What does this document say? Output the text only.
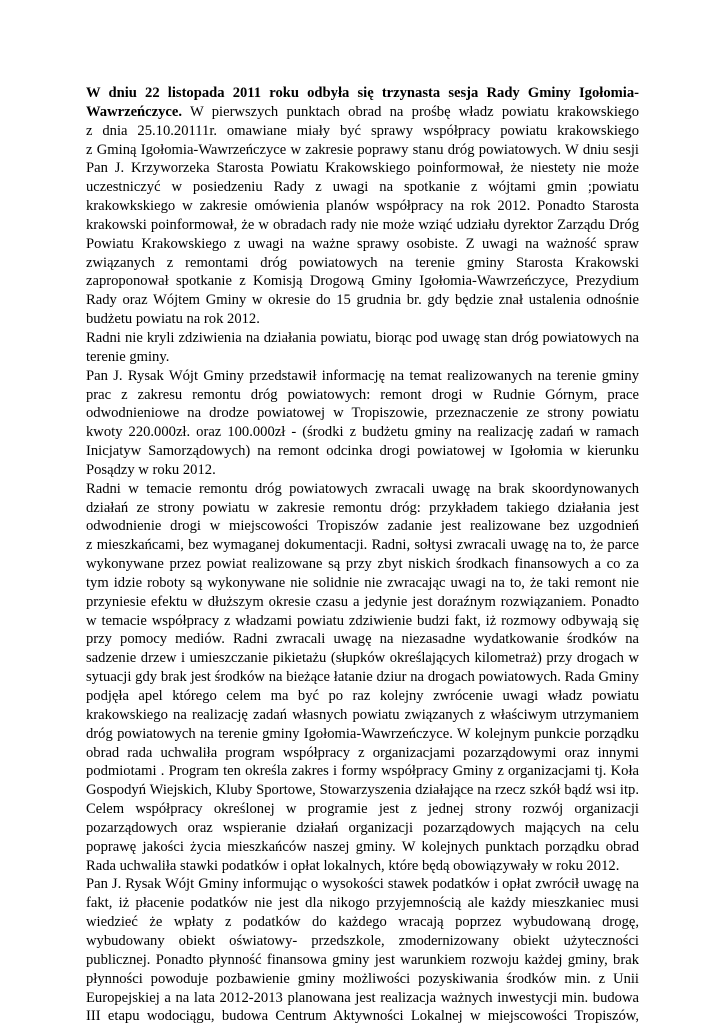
W dniu 22 listopada 2011 roku odbyła się trzynasta sesja Rady Gminy Igołomia-
Wawrzeńczyce. W pierwszych punktach obrad na prośbę władz powiatu krakowskiego
z dnia 25.10.20111r. omawiane miały być sprawy współpracy powiatu krakowskiego
z Gminą Igołomia-Wawrzeńczyce w zakresie poprawy stanu dróg powiatowych. W dniu sesji
Pan J. Krzyworzeka Starosta Powiatu Krakowskiego poinformował, że niestety nie może
uczestniczyć w posiedzeniu Rady z uwagi na spotkanie z wójtami gmin ;powiatu
krakowkskiego w zakresie omówienia planów współpracy na rok 2012. Ponadto Starosta
krakowski poinformował, że w obradach rady nie może wziąć udziału dyrektor Zarządu Dróg
Powiatu Krakowskiego z uwagi na ważne sprawy osobiste. Z uwagi na ważność spraw
związanych z remontami dróg powiatowych na terenie gminy Starosta Krakowski
zaproponował spotkanie z Komisją Drogową Gminy Igołomia-Wawrzeńczyce, Prezydium
Rady oraz Wójtem Gminy w okresie do 15 grudnia br. gdy będzie znał ustalenia odnośnie
budżetu powiatu na rok 2012.
Radni nie kryli zdziwienia na działania powiatu, biorąc pod uwagę stan dróg powiatowych na
terenie gminy.
Pan J. Rysak Wójt Gminy przedstawił informację na temat realizowanych na terenie gminy
prac z zakresu remontu dróg powiatowych: remont drogi w Rudnie Górnym, prace
odwodnieniowe na drodze powiatowej w Tropiszowie, przeznaczenie ze strony powiatu
kwoty 220.000zł. oraz 100.000zł - (środki z budżetu gminy na realizację zadań w ramach
Inicjatyw Samorządowych) na remont odcinka drogi powiatowej w Igołomia w kierunku
Posądzy w roku 2012.
Radni w temacie remontu dróg powiatowych zwracali uwagę na brak skoordynowanych
działań ze strony powiatu w zakresie remontu dróg: przykładem takiego działania jest
odwodnienie drogi w miejscowości Tropiszów zadanie jest realizowane bez uzgodnień
z mieszkańcami, bez wymaganej dokumentacji. Radni, sołtysi zwracali uwagę na to, że parce
wykonywane przez powiat realizowane są przy zbyt niskich środkach finansowych a co za
tym idzie roboty są wykonywane nie solidnie nie zwracając uwagi na to, że taki remont nie
przyniesie efektu w dłuższym okresie czasu a jedynie jest doraźnym rozwiązaniem. Ponadto
w temacie współpracy z władzami powiatu zdziwienie budzi fakt, iż rozmowy odbywają się
przy pomocy mediów. Radni zwracali uwagę na niezasadne wydatkowanie środków na
sadzenie drzew i umieszczanie pikietażu (słupków określających kilometraż) przy drogach w
sytuacji gdy brak jest środków na bieżące łatanie dziur na drogach powiatowych. Rada Gminy
podjęła apel którego celem ma być po raz kolejny zwrócenie uwagi władz powiatu
krakowskiego na realizację zadań własnych powiatu związanych z właściwym utrzymaniem
dróg powiatowych na terenie gminy Igołomia-Wawrzeńczyce. W kolejnym punkcie porządku
obrad rada uchwaliła program współpracy z organizacjami pozarządowymi oraz innymi
podmiotami . Program ten określa zakres i formy współpracy Gminy z organizacjami tj. Koła
Gospodyń Wiejskich, Kluby Sportowe, Stowarzyszenia działające na rzecz szkół bądź wsi itp.
Celem współpracy określonej w programie jest z jednej strony rozwój organizacji
pozarządowych oraz wspieranie działań organizacji pozarządowych mających na celu
poprawę jakości życia mieszkańców naszej gminy. W kolejnych punktach porządku obrad
Rada uchwaliła stawki podatków i opłat lokalnych, które będą obowiązywały w roku 2012.
Pan J. Rysak Wójt Gminy informując o wysokości stawek podatków i opłat zwrócił uwagę na
fakt, iż płacenie podatków nie jest dla nikogo przyjemnością ale każdy mieszkaniec musi
wiedzieć że wpłaty z podatków do każdego wracają poprzez wybudowaną drogę,
wybudowany obiekt oświatowy- przedszkole, zmodernizowany obiekt użyteczności
publicznej. Ponadto płynność finansowa gminy jest warunkiem rozwoju każdej gminy, brak
płynności powoduje pozbawienie gminy możliwości pozyskiwania środków min. z Unii
Europejskiej a na lata 2012-2013 planowana jest realizacja ważnych inwestycji min. budowa
III etapu wodociągu, budowa Centrum Aktywności Lokalnej w miejscowości Tropiszów,
